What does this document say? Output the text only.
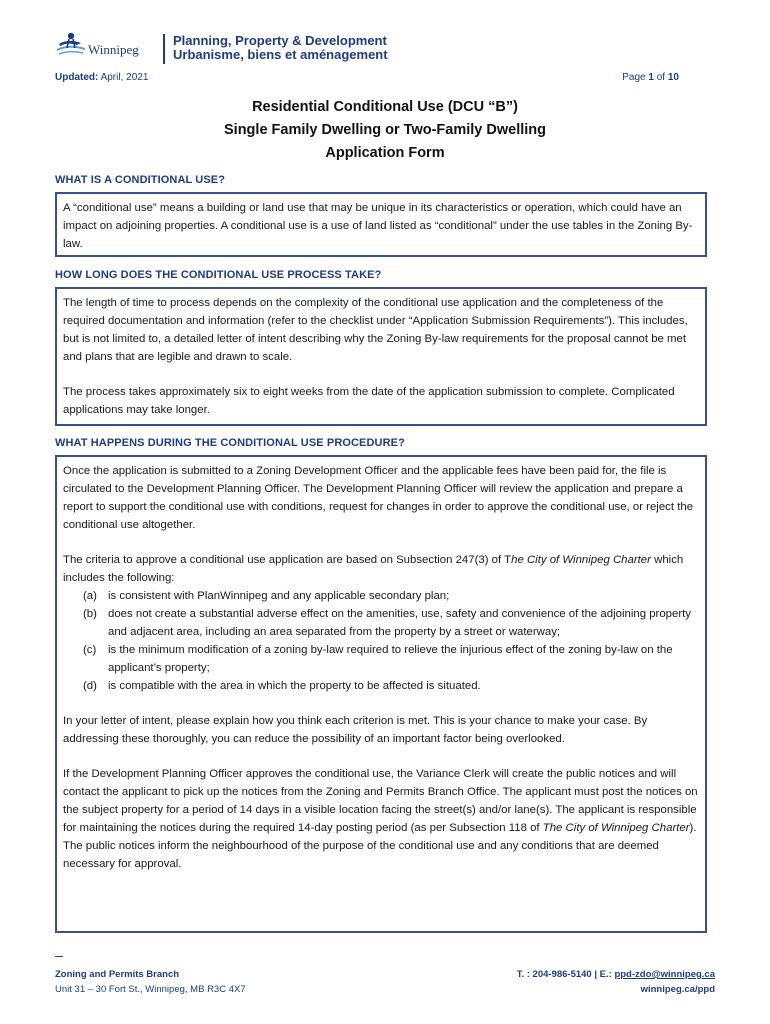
Winnipeg
Planning, Property & Development
Urbanisme, biens et aménagement
Updated: April, 2021	Page 1 of 10
Residential Conditional Use (DCU “B”)
Single Family Dwelling or Two-Family Dwelling
Application Form
WHAT IS A CONDITIONAL USE?

A “conditional use” means a building or land use that may be unique in its characteristics or operation, which could have an impact on adjoining properties. A conditional use is a use of land listed as “conditional” under the use tables in the Zoning By-law.

HOW LONG DOES THE CONDITIONAL USE PROCESS TAKE?

The length of time to process depends on the complexity of the conditional use application and the completeness of the required documentation and information (refer to the checklist under “Application Submission Requirements”). This includes, but is not limited to, a detailed letter of intent describing why the Zoning By-law requirements for the proposal cannot be met and plans that are legible and drawn to scale.

The process takes approximately six to eight weeks from the date of the application submission to complete. Complicated applications may take longer.

WHAT HAPPENS DURING THE CONDITIONAL USE PROCEDURE?

Once the application is submitted to a Zoning Development Officer and the applicable fees have been paid for, the file is circulated to the Development Planning Officer. The Development Planning Officer will review the application and prepare a report to support the conditional use with conditions, request for changes in order to approve the conditional use, or reject the conditional use altogether.

The criteria to approve a conditional use application are based on Subsection 247(3) of The City of Winnipeg Charter which includes the following:

(a) is consistent with PlanWinnipeg and any applicable secondary plan;
(b) does not create a substantial adverse effect on the amenities, use, safety and convenience of the adjoining property and adjacent area, including an area separated from the property by a street or waterway;
(c) is the minimum modification of a zoning by-law required to relieve the injurious effect of the zoning by-law on the applicant’s property;
(d) is compatible with the area in which the property to be affected is situated.

In your letter of intent, please explain how you think each criterion is met. This is your chance to make your case. By addressing these thoroughly, you can reduce the possibility of an important factor being overlooked.

If the Development Planning Officer approves the conditional use, the Variance Clerk will create the public notices and will contact the applicant to pick up the notices from the Zoning and Permits Branch Office. The applicant must post the notices on the subject property for a period of 14 days in a visible location facing the street(s) and/or lane(s). The applicant is responsible for maintaining the notices during the required 14-day posting period (as per Subsection 118 of The City of Winnipeg Charter). The public notices inform the neighbourhood of the purpose of the conditional use and any conditions that are deemed necessary for approval.

Zoning and Permits Branch
Unit 31 – 30 Fort St., Winnipeg, MB R3C 4X7
T. : 204-986-5140 | E.: ppd-zdo@winnipeg.ca
winnipeg.ca/ppd
